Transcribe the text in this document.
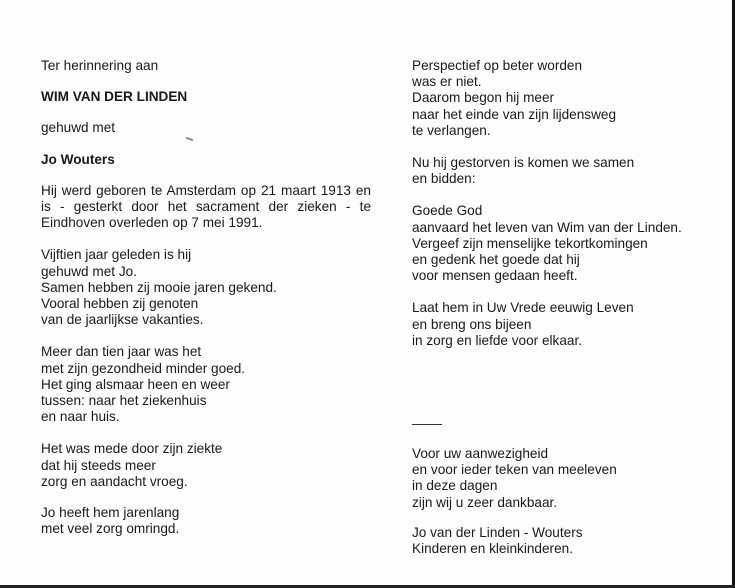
Ter herinnering aan

WIM VAN DER LINDEN

gehuwd met

Jo Wouters

Hij werd geboren te Amsterdam op 21 maart 1913 en is - gesterkt door het sacrament der zieken - te Eindhoven overleden op 7 mei 1991.

Vijftien jaar geleden is hij
gehuwd met Jo.
Samen hebben zij mooie jaren gekend.
Vooral hebben zij genoten
van de jaarlijkse vakanties.

Meer dan tien jaar was het
met zijn gezondheid minder goed.
Het ging alsmaar heen en weer
tussen: naar het ziekenhuis
en naar huis.

Het was mede door zijn ziekte
dat hij steeds meer
zorg en aandacht vroeg.

Jo heeft hem jarenlang
met veel zorg omringd.

Perspectief op beter worden
was er niet.
Daarom begon hij meer
naar het einde van zijn lijdensweg
te verlangen.

Nu hij gestorven is komen we samen
en bidden:

Goede God
aanvaard het leven van Wim van der Linden.
Vergeef zijn menselijke tekortkomingen
en gedenk het goede dat hij
voor mensen gedaan heeft.

Laat hem in Uw Vrede eeuwig Leven
en breng ons bijeen
in zorg en liefde voor elkaar.

Voor uw aanwezigheid
en voor ieder teken van meeleven
in deze dagen
zijn wij u zeer dankbaar.

Jo van der Linden - Wouters
Kinderen en kleinkinderen.
